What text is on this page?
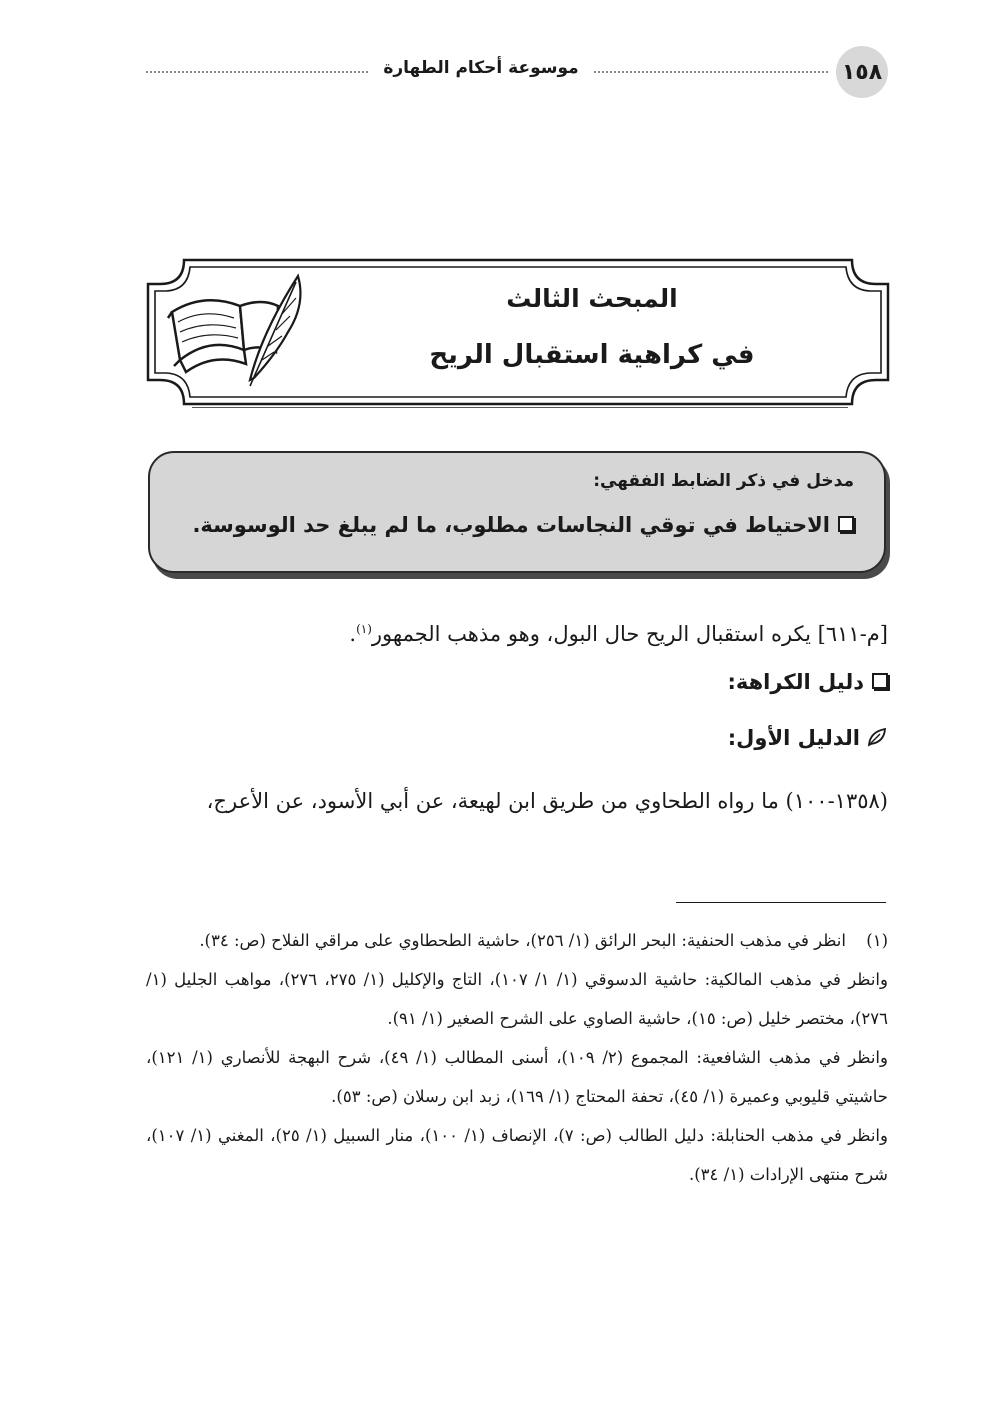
١٥٨
موسوعة أحكام الطهارة
المبحث الثالث
في كراهية استقبال الريح
مدخل في ذكر الضابط الفقهي:
الاحتياط في توقي النجاسات مطلوب، ما لم يبلغ حد الوسوسة.
[م-٦١١] يكره استقبال الريح حال البول، وهو مذهب الجمهور$^{(١)}$.
دليل الكراهة:
الدليل الأول:
(١٣٥٨-١٠٠) ما رواه الطحاوي من طريق ابن لهيعة، عن أبي الأسود، عن الأعرج،
(١)
انظر في مذهب الحنفية: البحر الرائق (١/ ٢٥٦)، حاشية الطحطاوي على مراقي الفلاح (ص: ٣٤).
وانظر في مذهب المالكية: حاشية الدسوقي (١/ ١/ ١٠٧)، التاج والإكليل (١/ ٢٧٥، ٢٧٦)، مواهب الجليل (١/ ٢٧٦)، مختصر خليل (ص: ١٥)، حاشية الصاوي على الشرح الصغير (١/ ٩١).
وانظر في مذهب الشافعية: المجموع (٢/ ١٠٩)، أسنى المطالب (١/ ٤٩)، شرح البهجة للأنصاري (١/ ١٢١)، حاشيتي قليوبي وعميرة (١/ ٤٥)، تحفة المحتاج (١/ ١٦٩)، زبد ابن رسلان (ص: ٥٣).
وانظر في مذهب الحنابلة: دليل الطالب (ص: ٧)، الإنصاف (١/ ١٠٠)، منار السبيل (١/ ٢٥)، المغني (١/ ١٠٧)، شرح منتهى الإرادات (١/ ٣٤).
